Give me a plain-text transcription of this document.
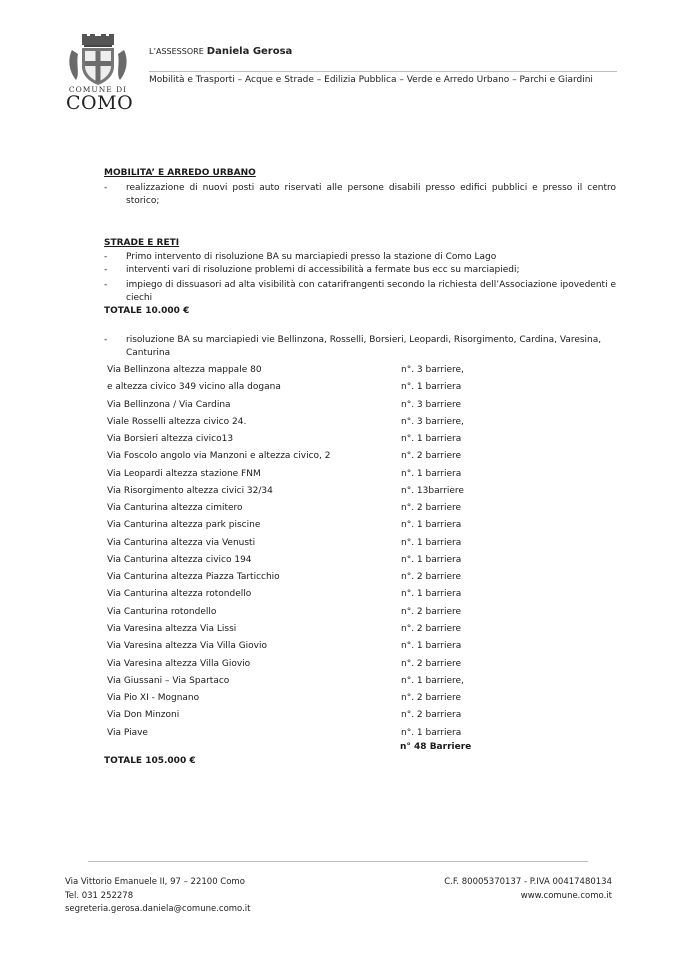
COMUNE DI
COMO
L’ASSESSORE Daniela Gerosa
Mobilità e Trasporti – Acque e Strade – Edilizia Pubblica – Verde e Arredo Urbano – Parchi e Giardini
MOBILITA’ E ARREDO URBANO
- realizzazione di nuovi posti auto riservati alle persone disabili presso edifici pubblici e presso il centro storico;
STRADE E RETI
- Primo intervento di risoluzione BA su marciapiedi presso la stazione di Como Lago
- interventi vari di risoluzione problemi di accessibilità a fermate bus ecc su marciapiedi;
- impiego di dissuasori ad alta visibilità con catarifrangenti secondo la richiesta dell’Associazione ipovedenti e ciechi
TOTALE 10.000 €
- risoluzione BA su marciapiedi vie Bellinzona, Rosselli, Borsieri, Leopardi, Risorgimento, Cardina, Varesina, Canturina
Via Bellinzona altezza mappale 80	n°. 3 barriere,
e altezza civico 349 vicino alla dogana	n°. 1 barriera
Via Bellinzona / Via Cardina	n°. 3 barriere
Viale Rosselli altezza civico 24.	n°. 3 barriere,
Via Borsieri altezza civico13	n°. 1 barriera
Via Foscolo angolo via Manzoni e altezza civico, 2	n°. 2 barriere
Via Leopardi altezza stazione FNM	n°. 1 barriera
Via Risorgimento altezza civici 32/34	n°. 13barriere
Via Canturina altezza cimitero	n°. 2 barriere
Via Canturina altezza park piscine	n°. 1 barriera
Via Canturina altezza via Venusti	n°. 1 barriera
Via Canturina altezza civico 194	n°. 1 barriera
Via Canturina altezza Piazza Tarticchio	n°. 2 barriere
Via Canturina altezza rotondello	n°. 1 barriera
Via Canturina rotondello	n°. 2 barriere
Via Varesina altezza Via Lissi	n°. 2 barriere
Via Varesina altezza Via Villa Giovio	n°. 1 barriera
Via Varesina altezza Villa Giovio	n°. 2 barriere
Via Giussani – Via Spartaco	n°. 1 barriere,
Via Pio XI - Mognano	n°. 2 barriere
Via Don Minzoni	n°. 2 barriera
Via Piave	n°. 1 barriera
n° 48 Barriere
TOTALE 105.000 €
Via Vittorio Emanuele II, 97 – 22100 Como
Tel. 031 252278
segreteria.gerosa.daniela@comune.como.it
C.F. 80005370137 - P.IVA 00417480134
www.comune.como.it
